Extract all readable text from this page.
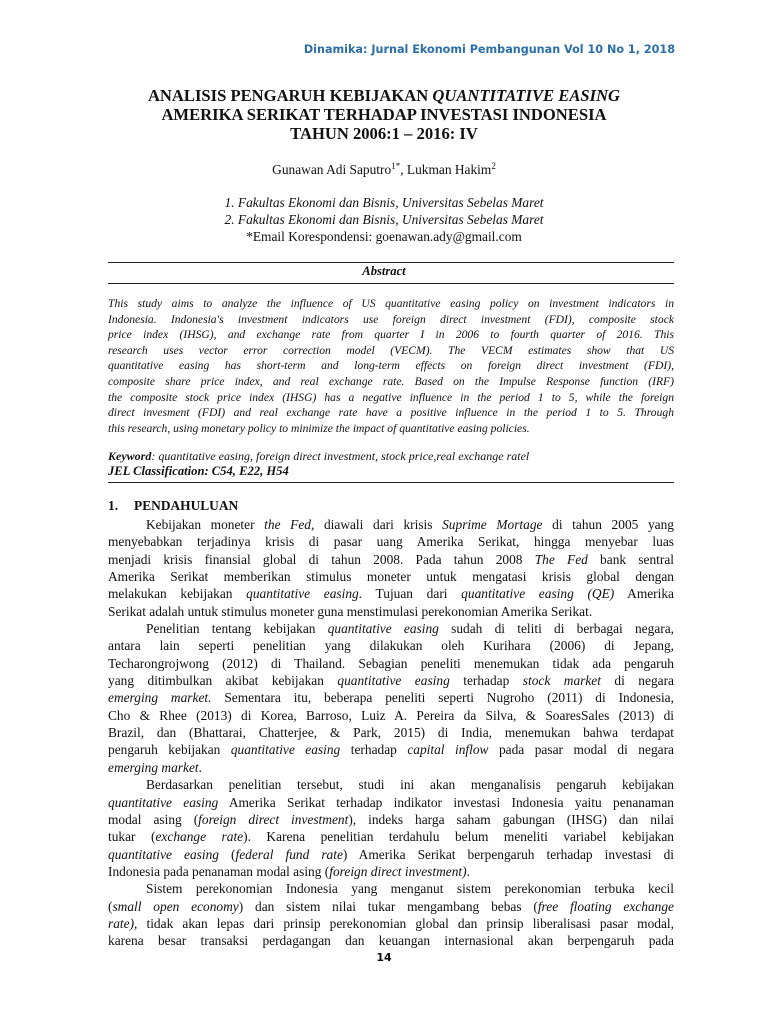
Dinamika: Jurnal Ekonomi Pembangunan Vol 10 No 1, 2018
ANALISIS PENGARUH KEBIJAKAN QUANTITATIVE EASING
AMERIKA SERIKAT TERHADAP INVESTASI INDONESIA
TAHUN 2006:1 – 2016: IV
Gunawan Adi Saputro$^{1*}$, Lukman Hakim$^2$
1. Fakultas Ekonomi dan Bisnis, Universitas Sebelas Maret
2. Fakultas Ekonomi dan Bisnis, Universitas Sebelas Maret
*Email Korespondensi: goenawan.ady@gmail.com
Abstract
This study aims to analyze the influence of US quantitative easing policy on investment indicators in
Indonesia. Indonesia's investment indicators use foreign direct investment (FDI), composite stock
price index (IHSG), and exchange rate from quarter I in 2006 to fourth quarter of 2016. This
research uses vector error correction model (VECM). The VECM estimates show that US
quantitative easing has short-term and long-term effects on foreign direct investment (FDI),
composite share price index, and real exchange rate. Based on the Impulse Response function (IRF)
the composite stock price index (IHSG) has a negative influence in the period 1 to 5, while the foreign
direct invesment (FDI) and real exchange rate have a positive influence in the period 1 to 5. Through
this research, using monetary policy to minimize the impact of quantitative easing policies.
Keyword: quantitative easing, foreign direct investment, stock price,real exchange ratel
JEL Classification: C54, E22, H54
1. PENDAHULUAN
Kebijakan moneter the Fed, diawali dari krisis Suprime Mortage di tahun 2005 yang
menyebabkan terjadinya krisis di pasar uang Amerika Serikat, hingga menyebar luas
menjadi krisis finansial global di tahun 2008. Pada tahun 2008 The Fed bank sentral
Amerika Serikat memberikan stimulus moneter untuk mengatasi krisis global dengan
melakukan kebijakan quantitative easing. Tujuan dari quantitative easing (QE) Amerika
Serikat adalah untuk stimulus moneter guna menstimulasi perekonomian Amerika Serikat.
Penelitian tentang kebijakan quantitative easing sudah di teliti di berbagai negara,
antara lain seperti penelitian yang dilakukan oleh Kurihara (2006) di Jepang,
Techarongrojwong (2012) di Thailand. Sebagian peneliti menemukan tidak ada pengaruh
yang ditimbulkan akibat kebijakan quantitative easing terhadap stock market di negara
emerging market. Sementara itu, beberapa peneliti seperti Nugroho (2011) di Indonesia,
Cho & Rhee (2013) di Korea, Barroso, Luiz A. Pereira da Silva, & SoaresSales (2013) di
Brazil, dan (Bhattarai, Chatterjee, & Park, 2015) di India, menemukan bahwa terdapat
pengaruh kebijakan quantitative easing terhadap capital inflow pada pasar modal di negara
emerging market.
Berdasarkan penelitian tersebut, studi ini akan menganalisis pengaruh kebijakan
quantitative easing Amerika Serikat terhadap indikator investasi Indonesia yaitu penanaman
modal asing (foreign direct investment), indeks harga saham gabungan (IHSG) dan nilai
tukar (exchange rate). Karena penelitian terdahulu belum meneliti variabel kebijakan
quantitative easing (federal fund rate) Amerika Serikat berpengaruh terhadap investasi di
Indonesia pada penanaman modal asing (foreign direct investment).
Sistem perekonomian Indonesia yang menganut sistem perekonomian terbuka kecil
(small open economy) dan sistem nilai tukar mengambang bebas (free floating exchange
rate), tidak akan lepas dari prinsip perekonomian global dan prinsip liberalisasi pasar modal,
karena besar transaksi perdagangan dan keuangan internasional akan berpengaruh pada
14
